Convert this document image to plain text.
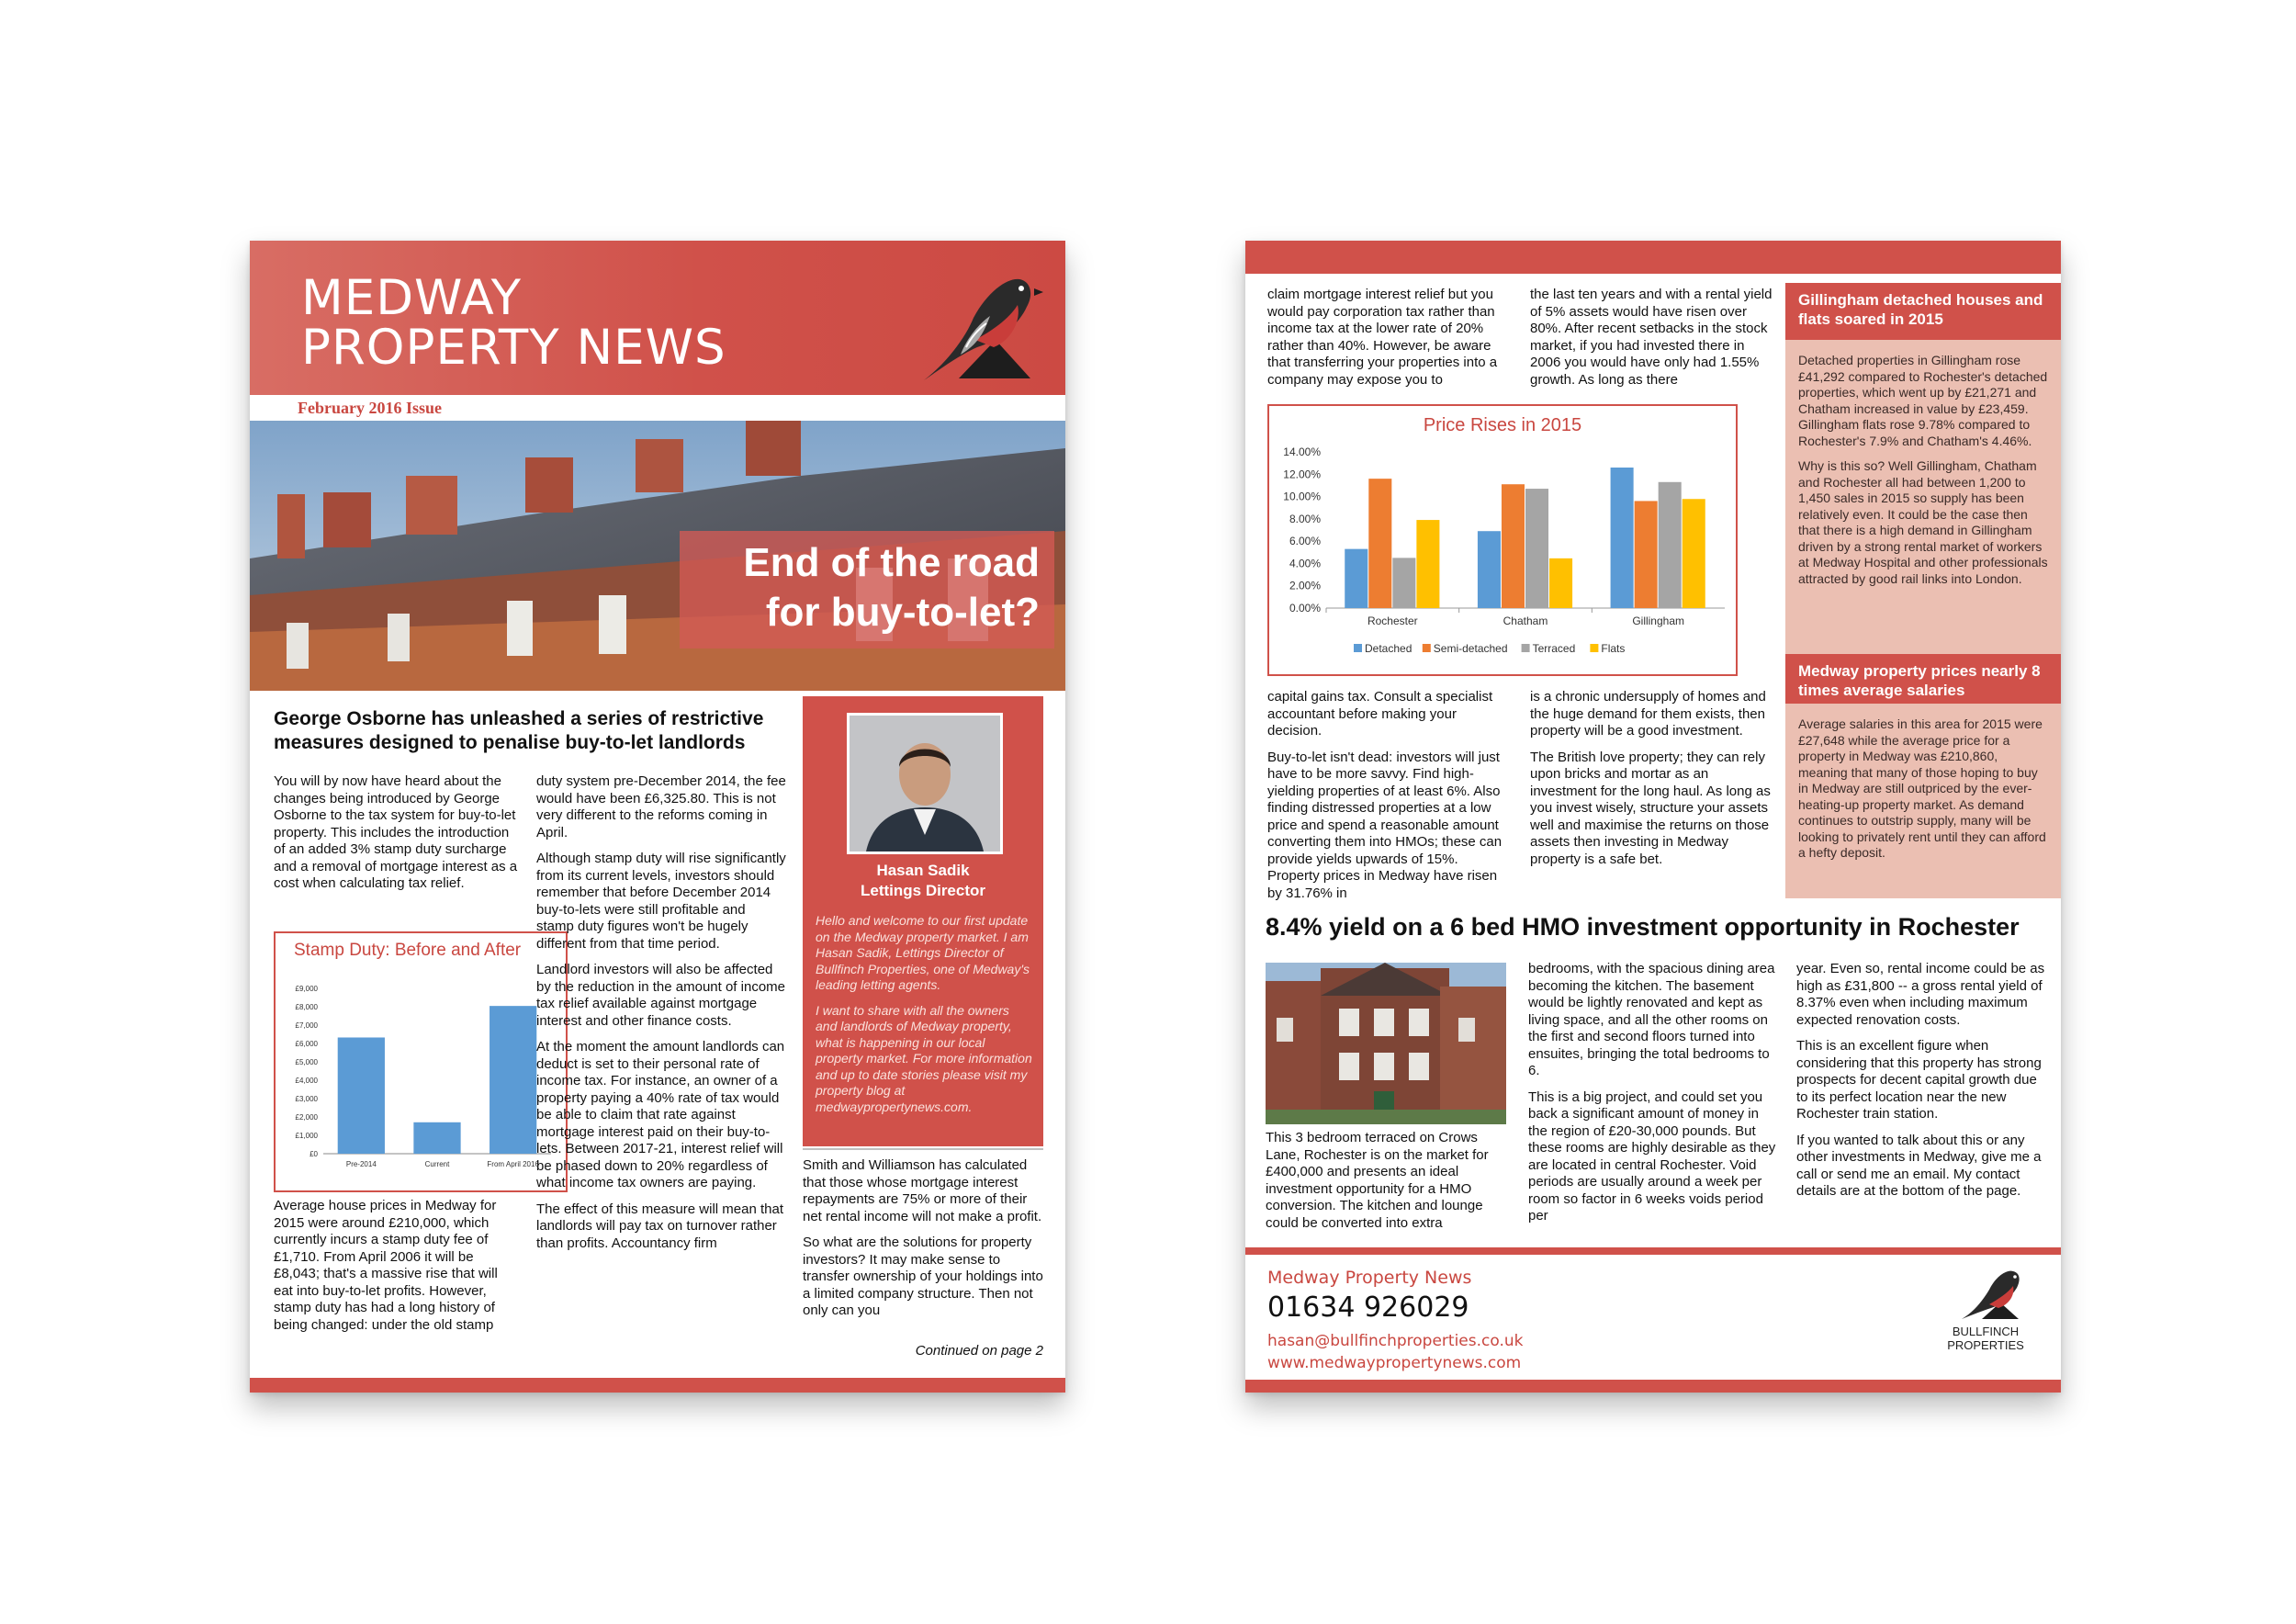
MEDWAY
PROPERTY NEWS
February 2016 Issue
End of the road
for buy-to-let?
George Osborne has unleashed a series of restrictive measures designed to penalise buy-to-let landlords

You will by now have heard about the changes being introduced by George Osborne to the tax system for buy-to-let property. This includes the introduction of an added 3% stamp duty surcharge and a removal of mortgage interest as a cost when calculating tax relief.

Stamp Duty: Before and After
£0
£1,000
£2,000
£3,000
£4,000
£5,000
£6,000
£7,000
£8,000
£9,000
Pre-2014	Current	From April 2016

Average house prices in Medway for 2015 were around £210,000, which currently incurs a stamp duty fee of £1,710. From April 2006 it will be £8,043; that's a massive rise that will eat into buy-to-let profits. However, stamp duty has had a long history of being changed: under the old stamp

duty system pre-December 2014, the fee would have been £6,325.80. This is not very different to the reforms coming in April.

Although stamp duty will rise significantly from its current levels, investors should remember that before December 2014 buy-to-lets were still profitable and stamp duty figures won't be hugely different from that time period.

Landlord investors will also be affected by the reduction in the amount of income tax relief available against mortgage interest and other finance costs.

At the moment the amount landlords can deduct is set to their personal rate of income tax. For instance, an owner of a property paying a 40% rate of tax would be able to claim that rate against mortgage interest paid on their buy-to-lets. Between 2017-21, interest relief will be phased down to 20% regardless of what income tax owners are paying.

The effect of this measure will mean that landlords will pay tax on turnover rather than profits. Accountancy firm

Hasan Sadik
Lettings Director

Hello and welcome to our first update on the Medway property market. I am Hasan Sadik, Lettings Director of Bullfinch Properties, one of Medway's leading letting agents.

I want to share with all the owners and landlords of Medway property, what is happening in our local property market. For more information and up to date stories please visit my property blog at medwaypropertynews.com.

Smith and Williamson has calculated that those whose mortgage interest repayments are 75% or more of their net rental income will not make a profit.

So what are the solutions for property investors? It may make sense to transfer ownership of your holdings into a limited company structure. Then not only can you

Continued on page 2

claim mortgage interest relief but you would pay corporation tax rather than income tax at the lower rate of 20% rather than 40%. However, be aware that transferring your properties into a company may expose you to

the last ten years and with a rental yield of 5% assets would have risen over 80%. After recent setbacks in the stock market, if you had invested there in 2006 you would have only had 1.55% growth. As long as there

Price Rises in 2015
0.00%
2.00%
4.00%
6.00%
8.00%
10.00%
12.00%
14.00%
Rochester	Chatham	Gillingham
Detached Semi-detached Terraced Flats

capital gains tax. Consult a specialist accountant before making your decision.

Buy-to-let isn't dead: investors will just have to be more savvy. Find high-yielding properties of at least 6%. Also finding distressed properties at a low price and spend a reasonable amount converting them into HMOs; these can provide yields upwards of 15%. Property prices in Medway have risen by 31.76% in

is a chronic undersupply of homes and the huge demand for them exists, then property will be a good investment.

The British love property; they can rely upon bricks and mortar as an investment for the long haul. As long as you invest wisely, structure your assets well and maximise the returns on those assets then investing in Medway property is a safe bet.

Gillingham detached houses and flats soared in 2015

Detached properties in Gillingham rose £41,292 compared to Rochester's detached properties, which went up by £21,271 and Chatham increased in value by £23,459. Gillingham flats rose 9.78% compared to Rochester's 7.9% and Chatham's 4.46%.

Why is this so? Well Gillingham, Chatham and Rochester all had between 1,200 to 1,450 sales in 2015 so supply has been relatively even. It could be the case then that there is a high demand in Gillingham driven by a strong rental market of workers at Medway Hospital and other professionals attracted by good rail links into London.

Medway property prices nearly 8 times average salaries

Average salaries in this area for 2015 were £27,648 while the average price for a property in Medway was £210,860, meaning that many of those hoping to buy in Medway are still outpriced by the ever-heating-up property market. As demand continues to outstrip supply, many will be looking to privately rent until they can afford a hefty deposit.

8.4% yield on a 6 bed HMO investment opportunity in Rochester

This 3 bedroom terraced on Crows Lane, Rochester is on the market for £400,000 and presents an ideal investment opportunity for a HMO conversion. The kitchen and lounge could be converted into extra

bedrooms, with the spacious dining area becoming the kitchen. The basement would be lightly renovated and kept as living space, and all the other rooms on the first and second floors turned into ensuites, bringing the total bedrooms to 6.

This is a big project, and could set you back a significant amount of money in the region of £20-30,000 pounds. But these rooms are highly desirable as they are located in central Rochester. Void periods are usually around a week per room so factor in 6 weeks voids period per

year. Even so, rental income could be as high as £31,800 -- a gross rental yield of 8.37% even when including maximum expected renovation costs.

This is an excellent figure when considering that this property has strong prospects for decent capital growth due to its perfect location near the new Rochester train station.

If you wanted to talk about this or any other investments in Medway, give me a call or send me an email. My contact details are at the bottom of the page.

Medway Property News
01634 926029
hasan@bullfinchproperties.co.uk
www.medwaypropertynews.com
BULLFINCH
PROPERTIES
